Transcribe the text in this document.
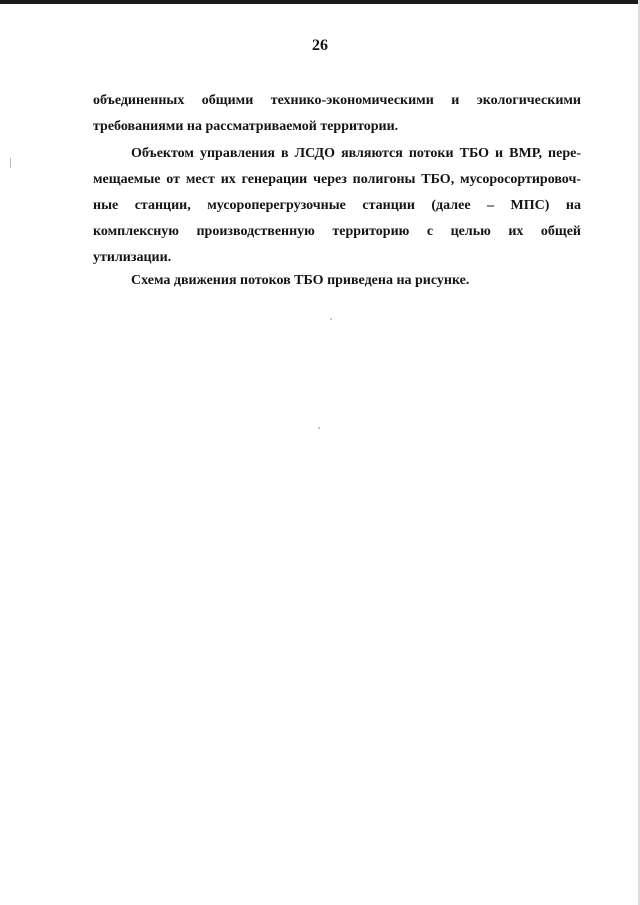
26
объединенных общими технико-экономическими и экологическими
требованиями на рассматриваемой территории.
Объектом управления в ЛСДО являются потоки ТБО и ВМР, пере-
мещаемые от мест их генерации через полигоны ТБО, мусоросортировоч-
ные станции, мусороперегрузочные станции (далее – МПС) на
комплексную производственную территорию с целью их общей
утилизации.
Схема движения потоков ТБО приведена на рисунке.
